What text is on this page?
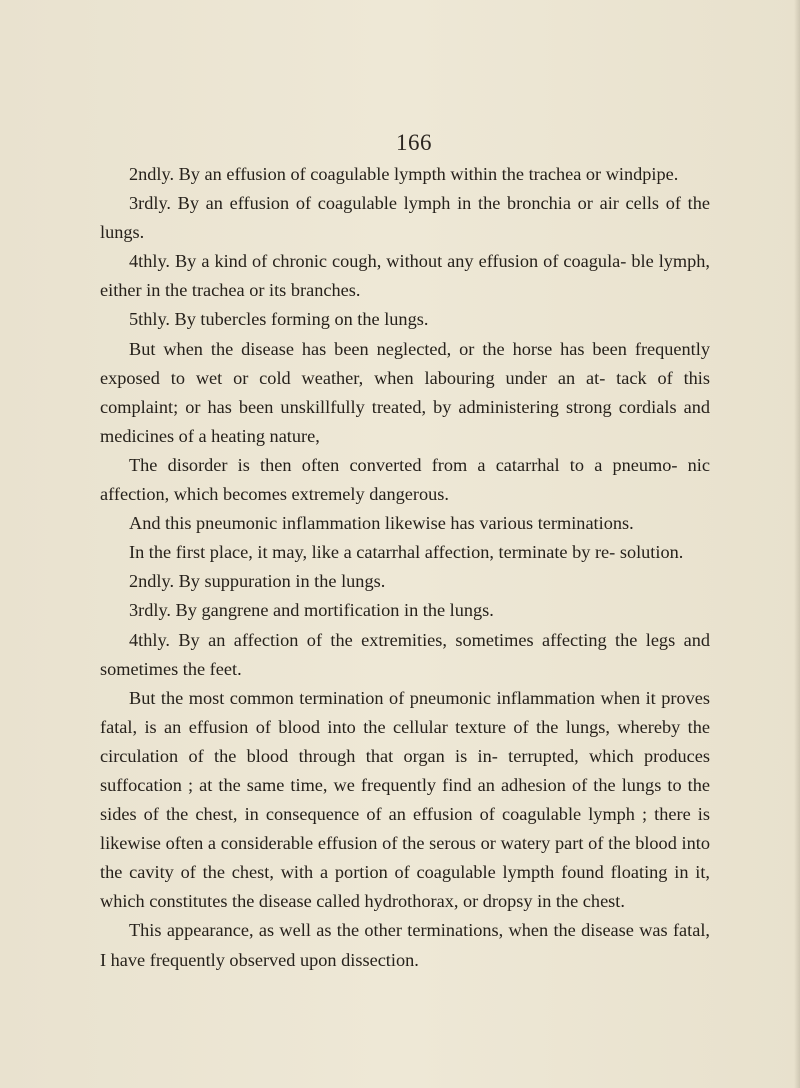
166

2ndly. By an effusion of coagulable lympth within the trachea or windpipe.

3rdly. By an effusion of coagulable lymph in the bronchia or air cells of the lungs.

4thly. By a kind of chronic cough, without any effusion of coagula- ble lymph, either in the trachea or its branches.

5thly. By tubercles forming on the lungs.

But when the disease has been neglected, or the horse has been frequently exposed to wet or cold weather, when labouring under an at- tack of this complaint; or has been unskillfully treated, by administering strong cordials and medicines of a heating nature,

The disorder is then often converted from a catarrhal to a pneumo- nic affection, which becomes extremely dangerous.

And this pneumonic inflammation likewise has various terminations.

In the first place, it may, like a catarrhal affection, terminate by re- solution.

2ndly. By suppuration in the lungs.

3rdly. By gangrene and mortification in the lungs.

4thly. By an affection of the extremities, sometimes affecting the legs and sometimes the feet.

But the most common termination of pneumonic inflammation when it proves fatal, is an effusion of blood into the cellular texture of the lungs, whereby the circulation of the blood through that organ is in- terrupted, which produces suffocation ; at the same time, we frequently find an adhesion of the lungs to the sides of the chest, in consequence of an effusion of coagulable lymph ; there is likewise often a considerable effusion of the serous or watery part of the blood into the cavity of the chest, with a portion of coagulable lympth found floating in it, which constitutes the disease called hydrothorax, or dropsy in the chest.

This appearance, as well as the other terminations, when the disease was fatal, I have frequently observed upon dissection.
